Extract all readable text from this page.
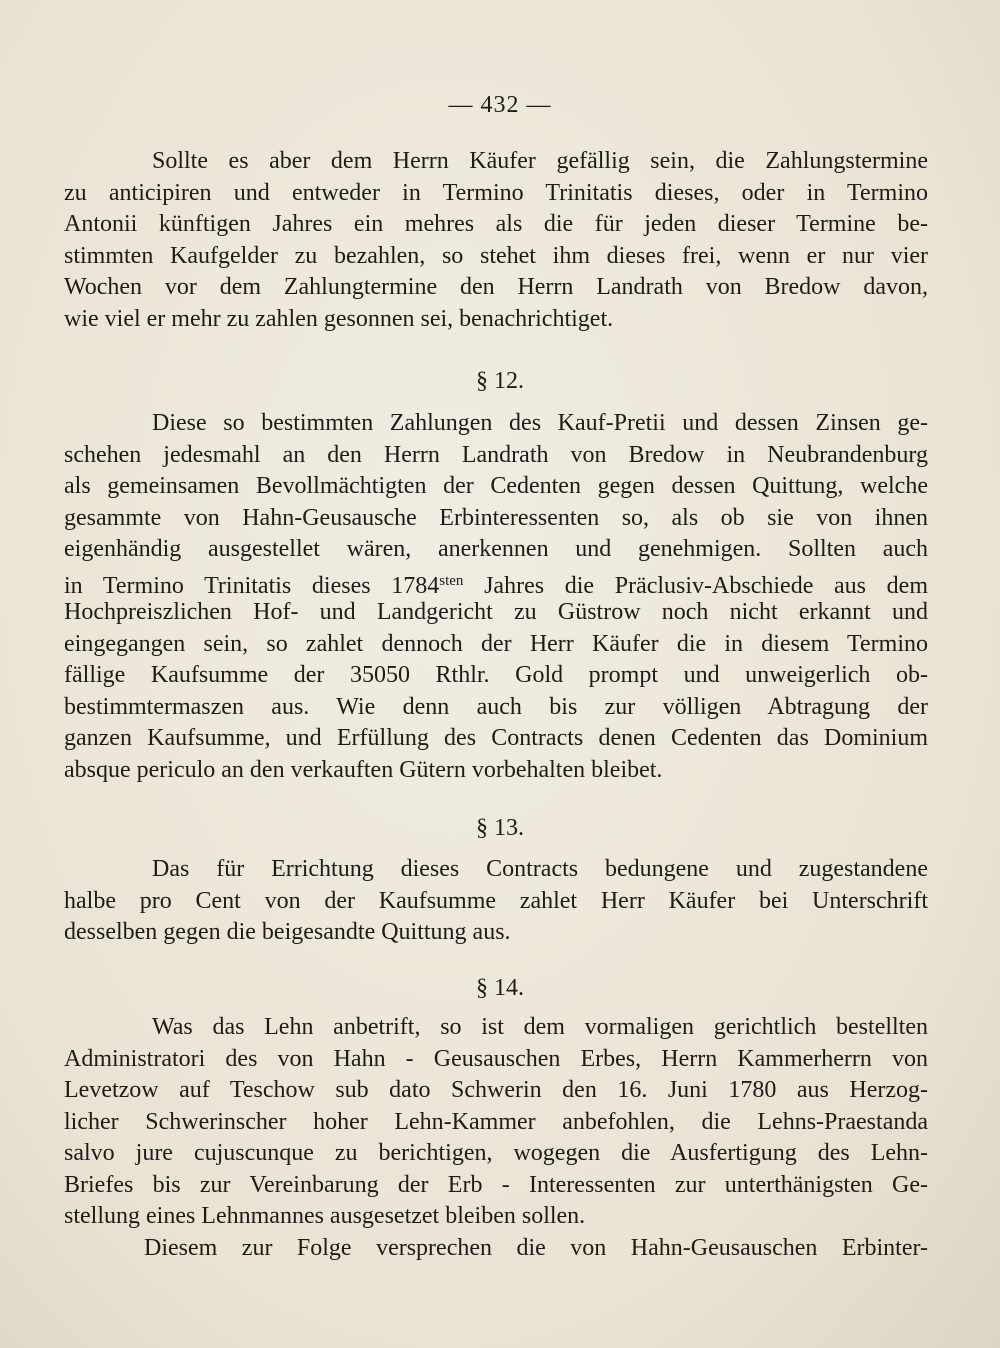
— 432 —
Sollte es aber dem Herrn Käufer gefällig sein, die Zahlungstermine
zu anticipiren und entweder in Termino Trinitatis dieses, oder in Termino
Antonii künftigen Jahres ein mehres als die für jeden dieser Termine be-
stimmten Kaufgelder zu bezahlen, so stehet ihm dieses frei, wenn er nur vier
Wochen vor dem Zahlungtermine den Herrn Landrath von Bredow davon,
wie viel er mehr zu zahlen gesonnen sei, benachrichtiget.
§ 12.
Diese so bestimmten Zahlungen des Kauf-Pretii und dessen Zinsen ge-
schehen jedesmahl an den Herrn Landrath von Bredow in Neubrandenburg
als gemeinsamen Bevollmächtigten der Cedenten gegen dessen Quittung, welche
gesammte von Hahn-Geusausche Erbinteressenten so, als ob sie von ihnen
eigenhändig ausgestellet wären, anerkennen und genehmigen. Sollten auch
in Termino Trinitatis dieses $1784^{sten}$ Jahres die Präclusiv-Abschiede aus dem
Hochpreiszlichen Hof- und Landgericht zu Güstrow noch nicht erkannt und
eingegangen sein, so zahlet dennoch der Herr Käufer die in diesem Termino
fällige Kaufsumme der 35050 Rthlr. Gold prompt und unweigerlich ob-
bestimmtermaszen aus. Wie denn auch bis zur völligen Abtragung der
ganzen Kaufsumme, und Erfüllung des Contracts denen Cedenten das Dominium
absque periculo an den verkauften Gütern vorbehalten bleibet.
§ 13.
Das für Errichtung dieses Contracts bedungene und zugestandene
halbe pro Cent von der Kaufsumme zahlet Herr Käufer bei Unterschrift
desselben gegen die beigesandte Quittung aus.
§ 14.
Was das Lehn anbetrift, so ist dem vormaligen gerichtlich bestellten
Administratori des von Hahn - Geusauschen Erbes, Herrn Kammerherrn von
Levetzow auf Teschow sub dato Schwerin den 16. Juni 1780 aus Herzog-
licher Schwerinscher hoher Lehn-Kammer anbefohlen, die Lehns-Praestanda
salvo jure cujuscunque zu berichtigen, wogegen die Ausfertigung des Lehn-
Briefes bis zur Vereinbarung der Erb - Interessenten zur unterthänigsten Ge-
stellung eines Lehnmannes ausgesetzet bleiben sollen.
Diesem zur Folge versprechen die von Hahn-Geusauschen Erbinter-
